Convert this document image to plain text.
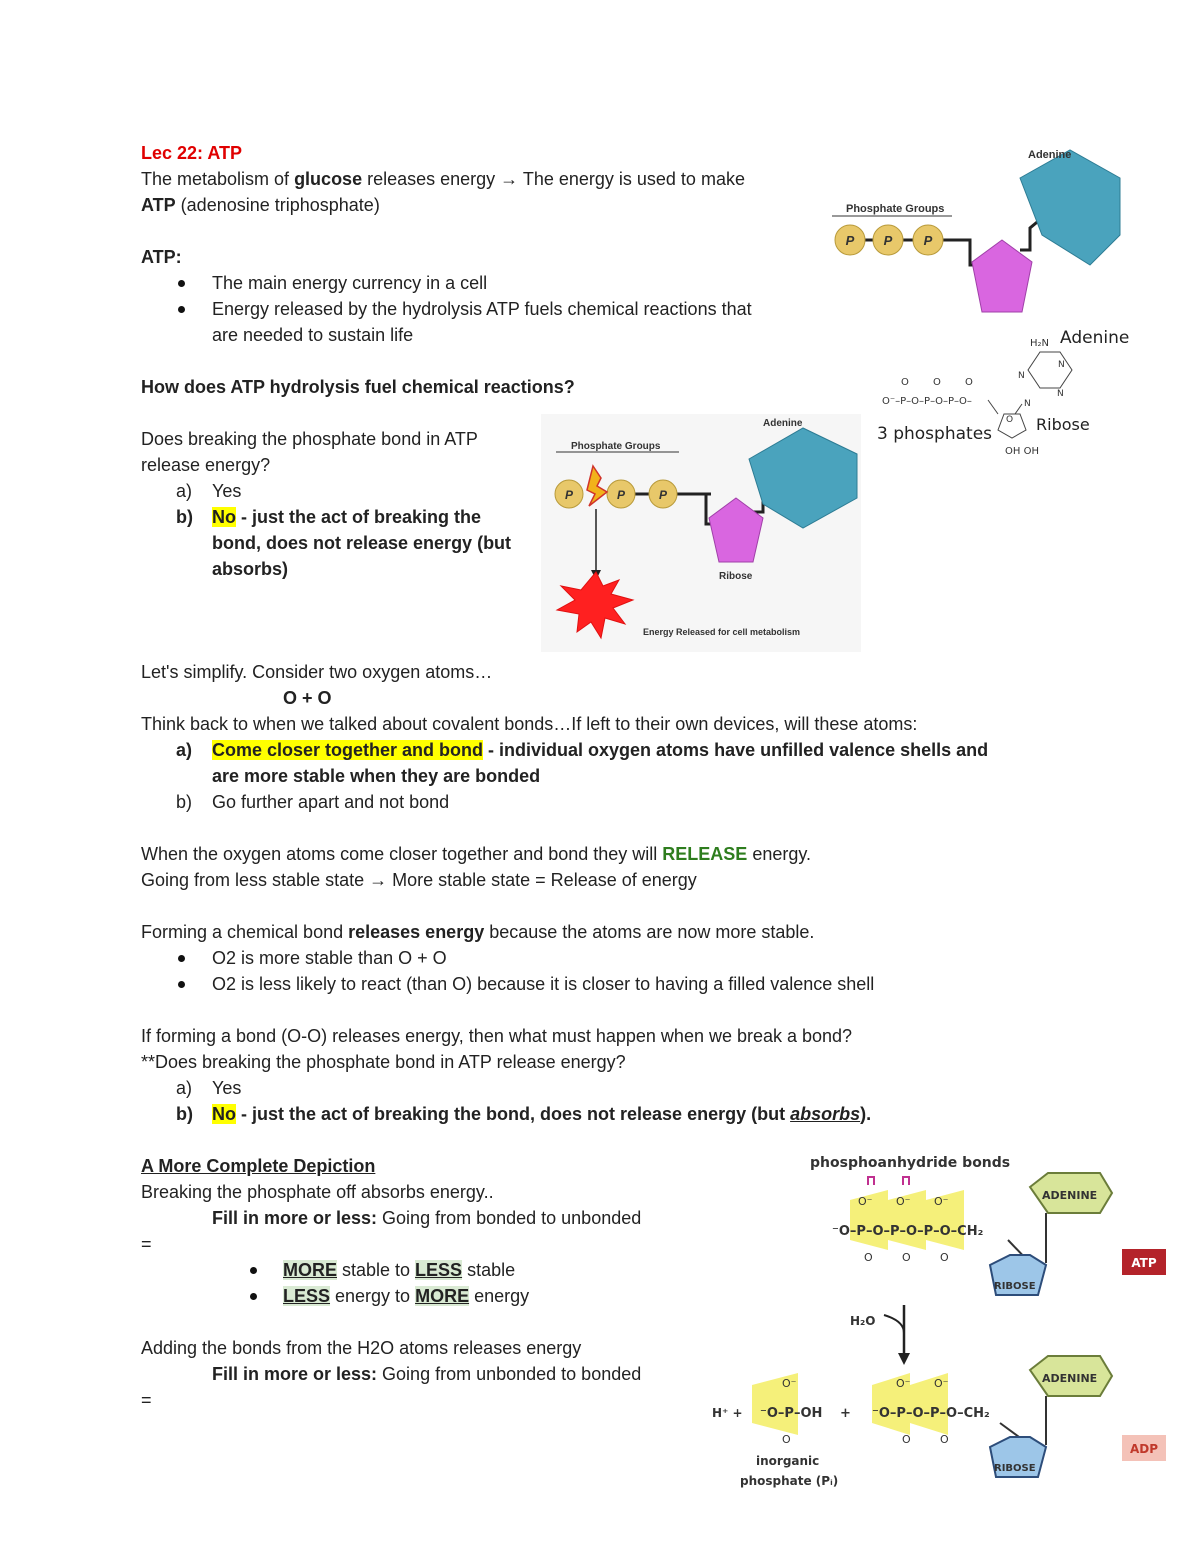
Lec 22: ATP
The metabolism of glucose releases energy → The energy is used to make
ATP (adenosine triphosphate)
ATP:
The main energy currency in a cell
Energy released by the hydrolysis ATP fuels chemical reactions that
are needed to sustain life
How does ATP hydrolysis fuel chemical reactions?
Does breaking the phosphate bond in ATP
release energy?
a) Yes
b) No - just the act of breaking the
bond, does not release energy (but
absorbs)
Let's simplify. Consider two oxygen atoms…
O + O
Think back to when we talked about covalent bonds…If left to their own devices, will these atoms:
a) Come closer together and bond - individual oxygen atoms have unfilled valence shells and
are more stable when they are bonded
b) Go further apart and not bond
When the oxygen atoms come closer together and bond they will RELEASE energy.
Going from less stable state → More stable state = Release of energy
Forming a chemical bond releases energy because the atoms are now more stable.
O2 is more stable than O + O
O2 is less likely to react (than O) because it is closer to having a filled valence shell
If forming a bond (O-O) releases energy, then what must happen when we break a bond?
**Does breaking the phosphate bond in ATP release energy?
a) Yes
b) No - just the act of breaking the bond, does not release energy (but absorbs).
A More Complete Depiction
Breaking the phosphate off absorbs energy..
Fill in more or less: Going from bonded to unbonded
=
MORE stable to LESS stable
LESS energy to MORE energy
Adding the bonds from the H2O atoms releases energy
Fill in more or less: Going from unbonded to bonded
=
Phosphate Groups
P P P
Adenine
Adenine
H₂N
N
N
N
N
O Ribose
OH OH
O⁻–P–O–P–O–P–O–
O O O
3 phosphates
Phosphate Groups
P	P	P
Ribose
Adenine
Energy Released for cell metabolism
phosphoanhydride bonds
⁻O–P–O–P–O–P–O–CH₂
O⁻ O⁻ O⁻
O	O	O
ADENINE
RIBOSE
ATP
H₂O
H⁺ + ⁻O–P–OH
O⁻
O
+
inorganic
phosphate (Pᵢ)
⁻O–P–O–P–O–CH₂
O⁻ O⁻
O	O
ADENINE
RIBOSE
ADP
